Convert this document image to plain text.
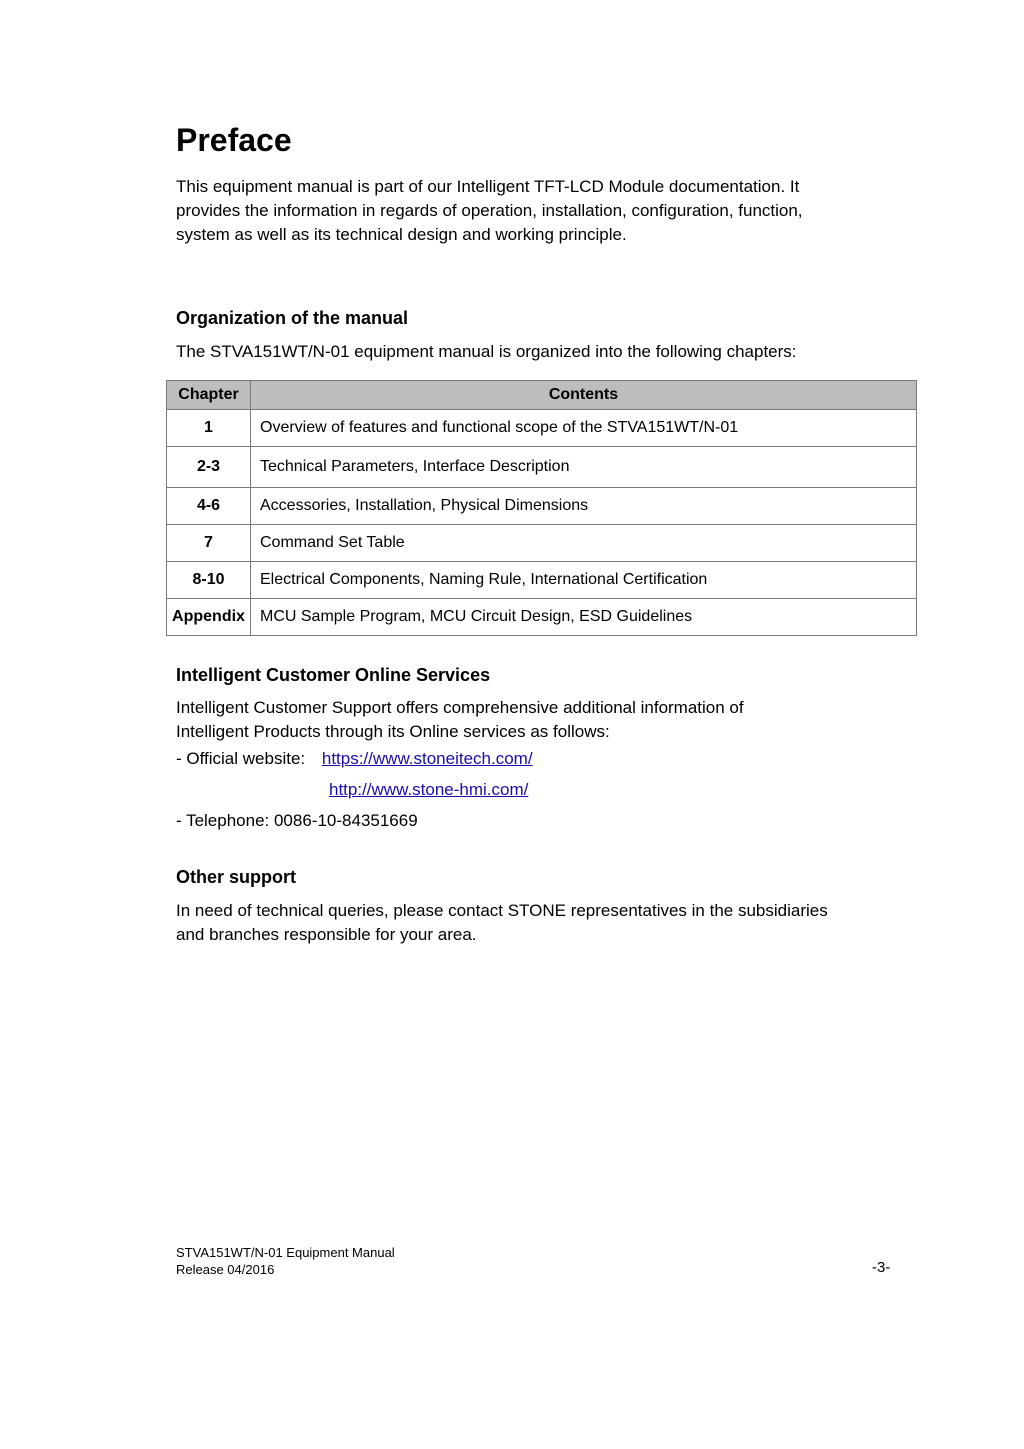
Preface

This equipment manual is part of our Intelligent TFT-LCD Module documentation. It
provides the information in regards of operation, installation, configuration, function,
system as well as its technical design and working principle.

Organization of the manual

The STVA151WT/N-01 equipment manual is organized into the following chapters:

Chapter	Contents
1	Overview of features and functional scope of the STVA151WT/N-01
2-3	Technical Parameters, Interface Description
4-6	Accessories, Installation, Physical Dimensions
7	Command Set Table
8-10	Electrical Components, Naming Rule, International Certification
Appendix	MCU Sample Program, MCU Circuit Design, ESD Guidelines
Intelligent Customer Online Services

Intelligent Customer Support offers comprehensive additional information of
Intelligent Products through its Online services as follows:

- Official website: https://www.stoneitech.com/

http://www.stone-hmi.com/

- Telephone: 0086-10-84351669

Other support

In need of technical queries, please contact STONE representatives in the subsidiaries
and branches responsible for your area.

STVA151WT/N-01 Equipment Manual
Release 04/2016	-3-
